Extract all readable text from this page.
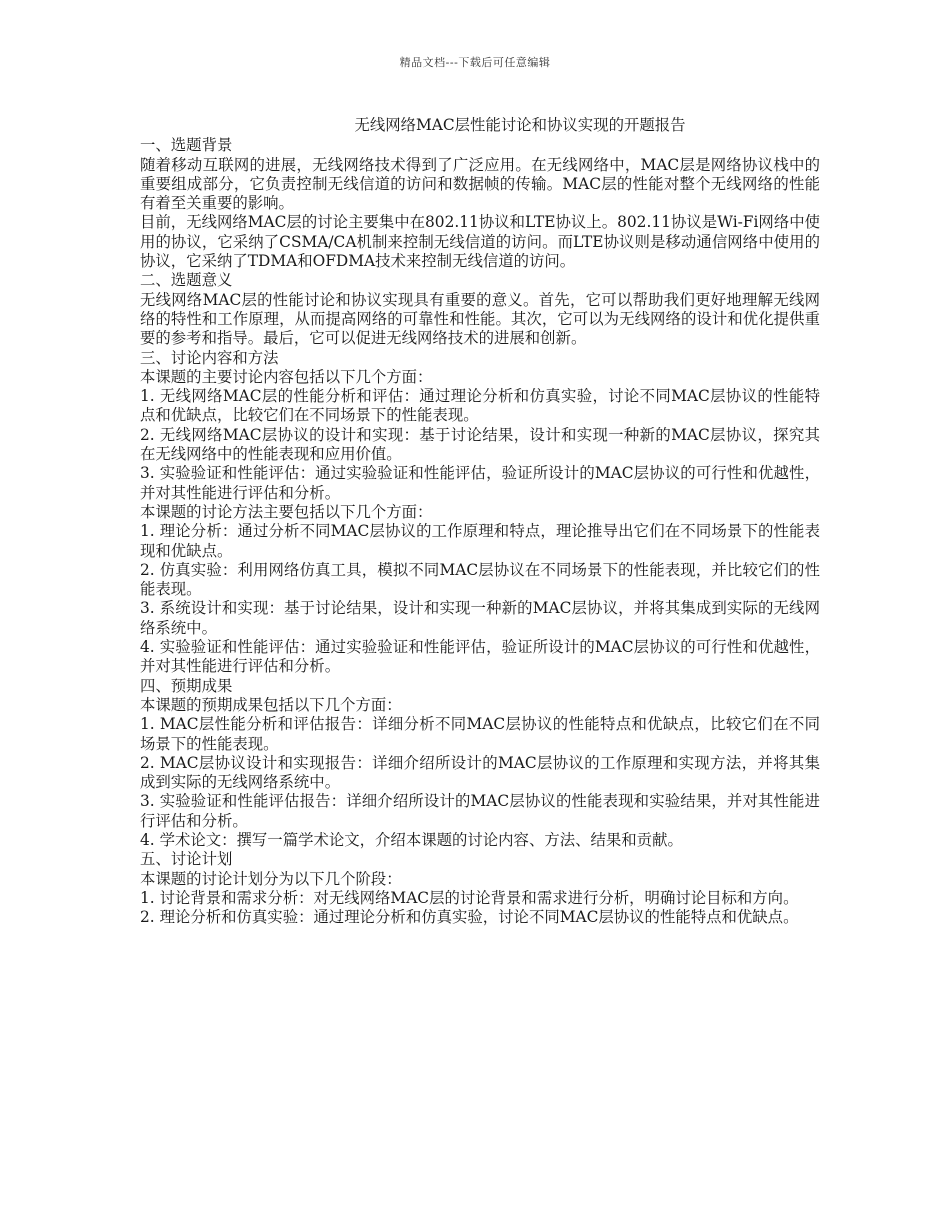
精品文档---下载后可任意编辑
无线网络MAC层性能讨论和协议实现的开题报告

一、选题背景

随着移动互联网的进展，无线网络技术得到了广泛应用。在无线网络中，MAC层是网络协议栈中的重要组成部分，它负责控制无线信道的访问和数据帧的传输。MAC层的性能对整个无线网络的性能有着至关重要的影响。

目前，无线网络MAC层的讨论主要集中在802.11协议和LTE协议上。802.11协议是Wi-Fi网络中使用的协议，它采纳了CSMA/CA机制来控制无线信道的访问。而LTE协议则是移动通信网络中使用的协议，它采纳了TDMA和OFDMA技术来控制无线信道的访问。

二、选题意义

无线网络MAC层的性能讨论和协议实现具有重要的意义。首先，它可以帮助我们更好地理解无线网络的特性和工作原理，从而提高网络的可靠性和性能。其次，它可以为无线网络的设计和优化提供重要的参考和指导。最后，它可以促进无线网络技术的进展和创新。

三、讨论内容和方法

本课题的主要讨论内容包括以下几个方面：

1. 无线网络MAC层的性能分析和评估：通过理论分析和仿真实验，讨论不同MAC层协议的性能特点和优缺点，比较它们在不同场景下的性能表现。

2. 无线网络MAC层协议的设计和实现：基于讨论结果，设计和实现一种新的MAC层协议，探究其在无线网络中的性能表现和应用价值。

3. 实验验证和性能评估：通过实验验证和性能评估，验证所设计的MAC层协议的可行性和优越性，并对其性能进行评估和分析。

本课题的讨论方法主要包括以下几个方面：

1. 理论分析：通过分析不同MAC层协议的工作原理和特点，理论推导出它们在不同场景下的性能表现和优缺点。

2. 仿真实验：利用网络仿真工具，模拟不同MAC层协议在不同场景下的性能表现，并比较它们的性能表现。

3. 系统设计和实现：基于讨论结果，设计和实现一种新的MAC层协议，并将其集成到实际的无线网络系统中。

4. 实验验证和性能评估：通过实验验证和性能评估，验证所设计的MAC层协议的可行性和优越性，并对其性能进行评估和分析。

四、预期成果

本课题的预期成果包括以下几个方面：

1. MAC层性能分析和评估报告：详细分析不同MAC层协议的性能特点和优缺点，比较它们在不同场景下的性能表现。

2. MAC层协议设计和实现报告：详细介绍所设计的MAC层协议的工作原理和实现方法，并将其集成到实际的无线网络系统中。

3. 实验验证和性能评估报告：详细介绍所设计的MAC层协议的性能表现和实验结果，并对其性能进行评估和分析。

4. 学术论文：撰写一篇学术论文，介绍本课题的讨论内容、方法、结果和贡献。

五、讨论计划

本课题的讨论计划分为以下几个阶段：

1. 讨论背景和需求分析：对无线网络MAC层的讨论背景和需求进行分析，明确讨论目标和方向。

2. 理论分析和仿真实验：通过理论分析和仿真实验，讨论不同MAC层协议的性能特点和优缺点。
